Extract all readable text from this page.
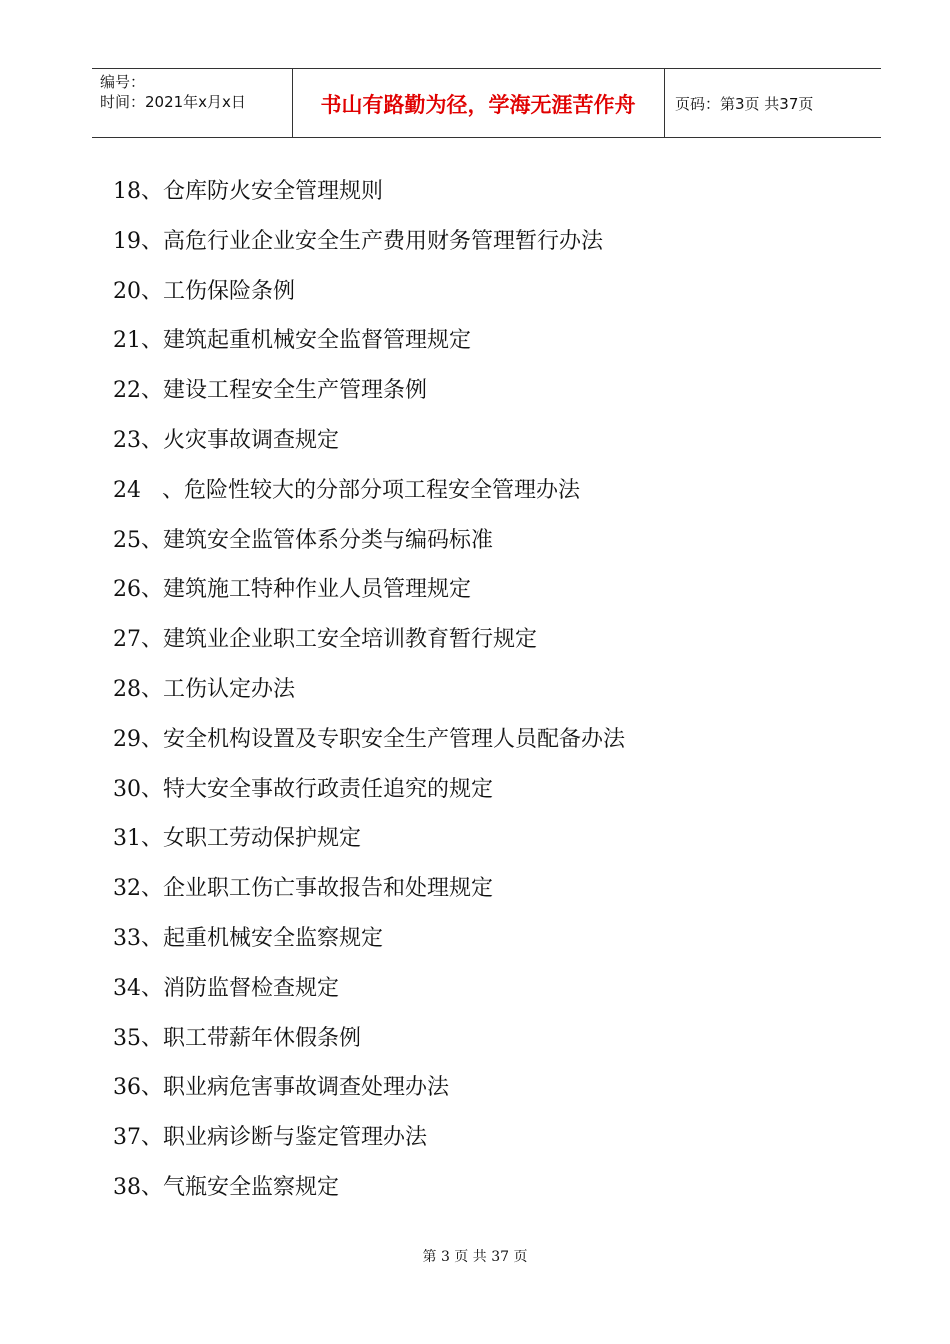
编号：
时间：2021年x月x日	书山有路勤为径，学海无涯苦作舟	页码：第3页 共37页
18、仓库防火安全管理规则
19、高危行业企业安全生产费用财务管理暂行办法
20、工伤保险条例
21、建筑起重机械安全监督管理规定
22、建设工程安全生产管理条例
23、火灾事故调查规定
24   、危险性较大的分部分项工程安全管理办法
25、建筑安全监管体系分类与编码标准
26、建筑施工特种作业人员管理规定
27、建筑业企业职工安全培训教育暂行规定
28、工伤认定办法
29、安全机构设置及专职安全生产管理人员配备办法
30、特大安全事故行政责任追究的规定
31、女职工劳动保护规定
32、企业职工伤亡事故报告和处理规定
33、起重机械安全监察规定
34、消防监督检查规定
35、职工带薪年休假条例
36、职业病危害事故调查处理办法
37、职业病诊断与鉴定管理办法
38、气瓶安全监察规定
第 3 页 共 37 页
